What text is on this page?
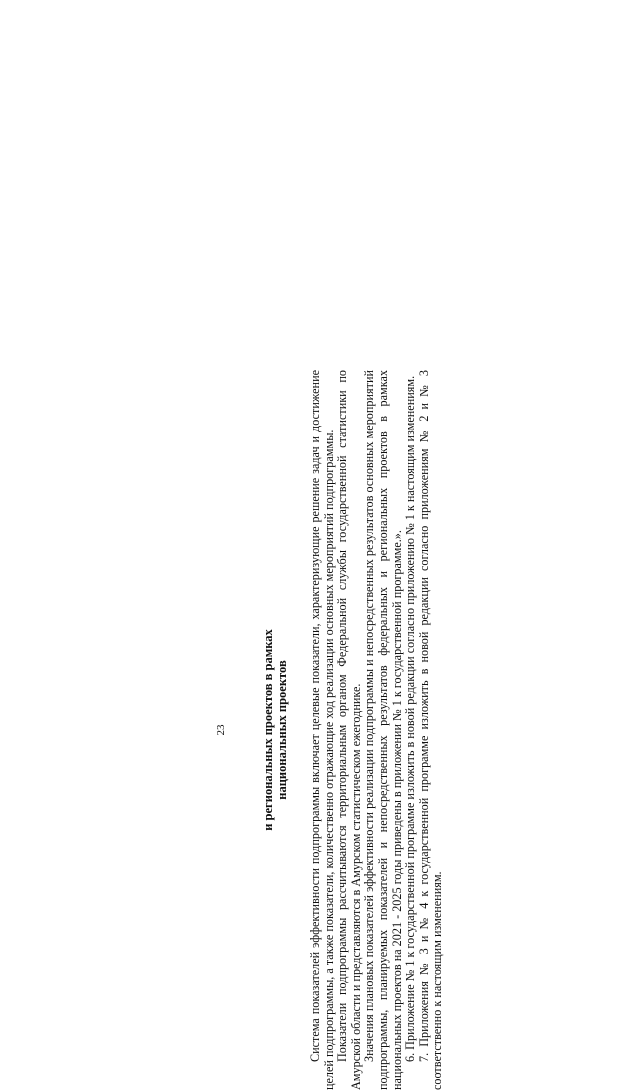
23	и региональных проектов в рамках национальных проектов Система показателей эффективности подпрограммы включает целевые показатели, характеризующие решение задач и достижение целей подпрограммы, а также показатели, количественно отражающие ход реализации основных мероприятий подпрограммы. Показатели подпрограммы рассчитываются территориальным органом Федеральной службы государственной статистики по Амурской области и представляются в Амурском статистическом ежегоднике. Значения плановых показателей эффективности реализации подпрограммы и непосредственных результатов основных мероприятий подпрограммы, планируемых показателей и непосредственных результатов федеральных и региональных проектов в рамках национальных проектов на 2021 - 2025 годы приведены в приложении № 1 к государственной программе.». 6. Приложение № 1 к государственной программе изложить в новой редакции согласно приложению № 1 к настоящим изменениям. 7. Приложения № 3 и № 4 к государственной программе изложить в новой редакции согласно приложениям № 2 и № 3 соответственно к настоящим изменениям.
